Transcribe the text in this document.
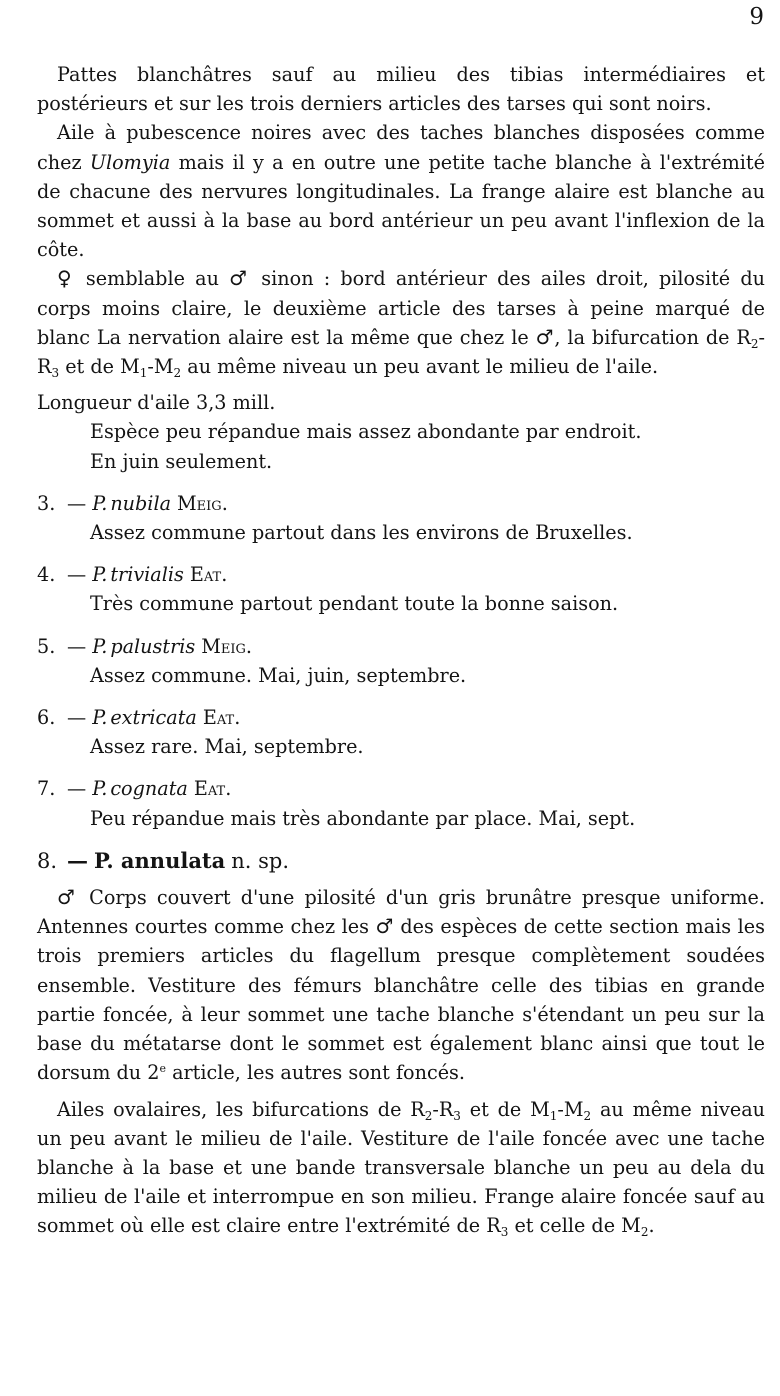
9

Pattes blanchâtres sauf au milieu des tibias intermédiaires et postérieurs et sur les trois derniers articles des tarses qui sont noirs.

Aile à pubescence noires avec des taches blanches disposées comme chez Ulomyia mais il y a en outre une petite tache blanche à l'extrémité de chacune des nervures longitudinales. La frange alaire est blanche au sommet et aussi à la base au bord antérieur un peu avant l'inflexion de la côte.

♀ semblable au ♂ sinon : bord antérieur des ailes droit, pilosité du corps moins claire, le deuxième article des tarses à peine marqué de blanc La nervation alaire est la même que chez le ♂, la bifurcation de $R_2-R_3$ et de $M_1-M_2$ au même niveau un peu avant le milieu de l'aile.

Longueur d'aile 3,3 mill.

Espèce peu répandue mais assez abondante par endroit.

En juin seulement.

3. — P. nubila Meig.
Assez commune partout dans les environs de Bruxelles.

4. — P. trivialis Eat.
Très commune partout pendant toute la bonne saison.

5. — P. palustris Meig.
Assez commune. Mai, juin, septembre.

6. — P. extricata Eat.
Assez rare. Mai, septembre.

7. — P. cognata Eat.
Peu répandue mais très abondante par place. Mai, sept.

8. — P. annulata n. sp.

♂ Corps couvert d'une pilosité d'un gris brunâtre presque uniforme. Antennes courtes comme chez les ♂ des espèces de cette section mais les trois premiers articles du flagellum presque complètement soudées ensemble. Vestiture des fémurs blanchâtre celle des tibias en grande partie foncée, à leur sommet une tache blanche s'étendant un peu sur la base du métatarse dont le sommet est également blanc ainsi que tout le dorsum du 2e article, les autres sont foncés.

Ailes ovalaires, les bifurcations de $R_2-R_3$ et de $M_1-M_2$ au même niveau un peu avant le milieu de l'aile. Vestiture de l'aile foncée avec une tache blanche à la base et une bande transversale blanche un peu au dela du milieu de l'aile et interrompue en son milieu. Frange alaire foncée sauf au sommet où elle est claire entre l'extrémité de $R_3$ et celle de $M_2$.
